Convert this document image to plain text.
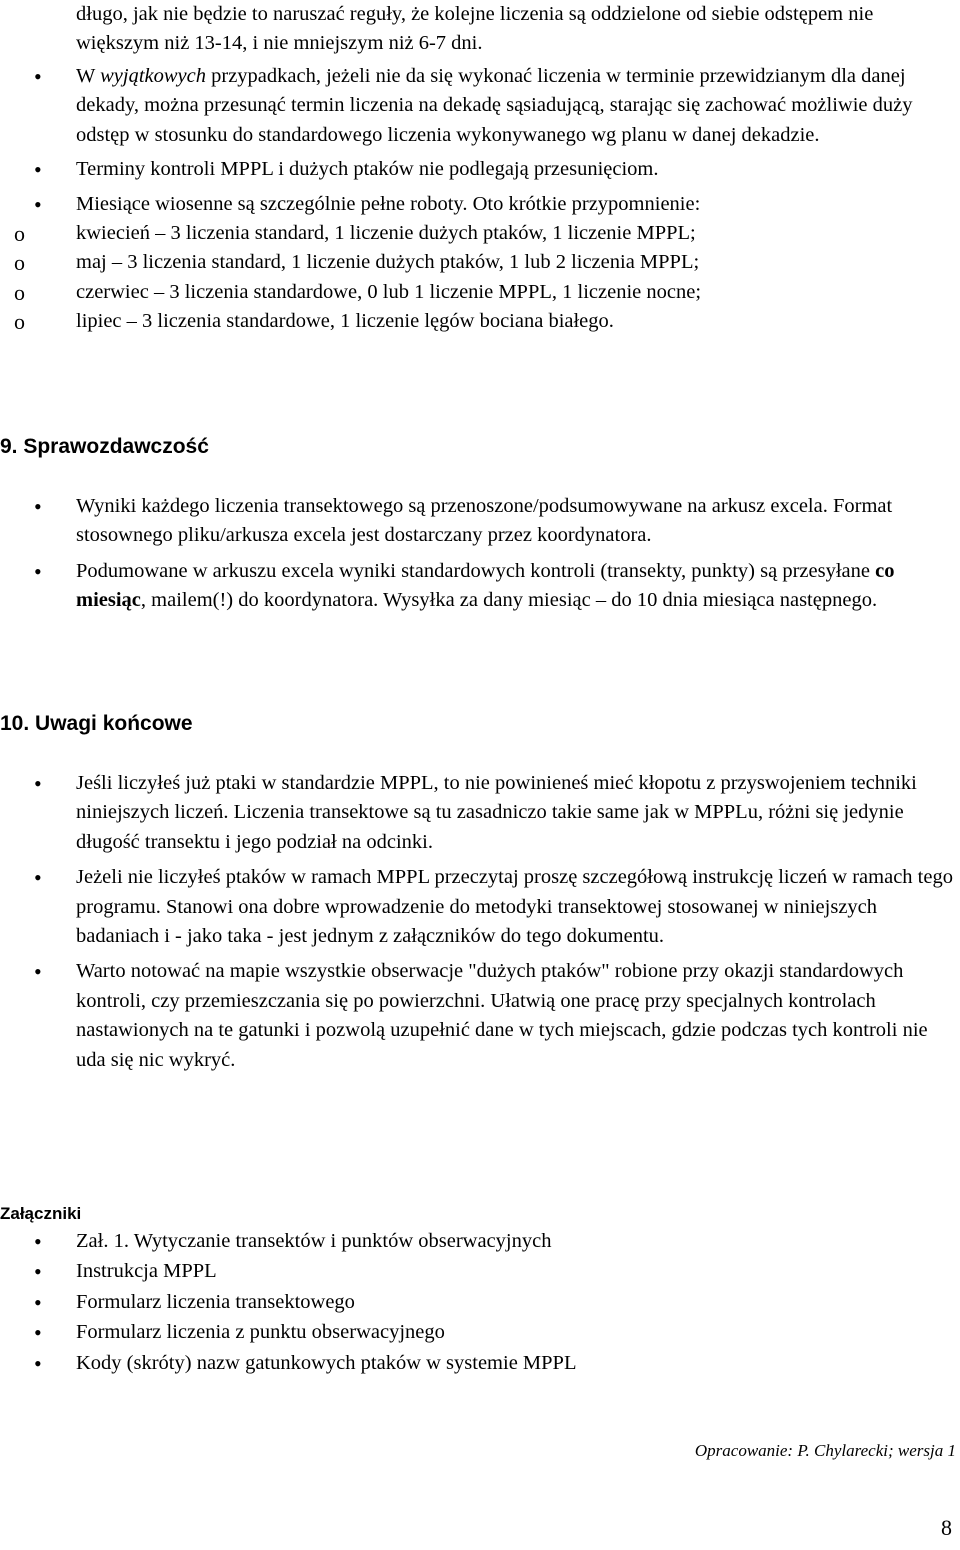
długo, jak nie będzie to naruszać reguły, że kolejne liczenia są oddzielone od siebie odstępem nie większym niż 13-14, i nie mniejszym niż 6-7 dni.
• W wyjątkowych przypadkach, jeżeli nie da się wykonać liczenia w terminie przewidzianym dla danej dekady, można przesunąć termin liczenia na dekadę sąsiadującą, starając się zachować możliwie duży odstęp w stosunku do standardowego liczenia wykonywanego wg planu w danej dekadzie.
• Terminy kontroli MPPL i dużych ptaków nie podlegają przesunięciom.
• Miesiące wiosenne są szczególnie pełne roboty. Oto krótkie przypomnienie:
o kwiecień – 3 liczenia standard, 1 liczenie dużych ptaków, 1 liczenie MPPL;
o maj – 3 liczenia standard, 1 liczenie dużych ptaków, 1 lub 2 liczenia MPPL;
o czerwiec – 3 liczenia standardowe, 0 lub 1 liczenie MPPL, 1 liczenie nocne;
o lipiec – 3 liczenia standardowe, 1 liczenie lęgów bociana białego.
9. Sprawozdawczość
• Wyniki każdego liczenia transektowego są przenoszone/podsumowywane na arkusz excela. Format stosownego pliku/arkusza excela jest dostarczany przez koordynatora.
• Podumowane w arkuszu excela wyniki standardowych kontroli (transekty, punkty) są przesyłane co miesiąc, mailem(!) do koordynatora. Wysyłka za dany miesiąc – do 10 dnia miesiąca następnego.
10. Uwagi końcowe
• Jeśli liczyłeś już ptaki w standardzie MPPL, to nie powinieneś mieć kłopotu z przyswojeniem techniki niniejszych liczeń. Liczenia transektowe są tu zasadniczo takie same jak w MPPLu, różni się jedynie długość transektu i jego podział na odcinki.
• Jeżeli nie liczyłeś ptaków w ramach MPPL przeczytaj proszę szczegółową instrukcję liczeń w ramach tego programu. Stanowi ona dobre wprowadzenie do metodyki transektowej stosowanej w niniejszych badaniach i - jako taka - jest jednym z załączników do tego dokumentu.
• Warto notować na mapie wszystkie obserwacje "dużych ptaków" robione przy okazji standardowych kontroli, czy przemieszczania się po powierzchni. Ułatwią one pracę przy specjalnych kontrolach nastawionych na te gatunki i pozwolą uzupełnić dane w tych miejscach, gdzie podczas tych kontroli nie uda się nic wykryć.
Załączniki
• Zał. 1. Wytyczanie transektów i punktów obserwacyjnych
• Instrukcja MPPL
• Formularz liczenia transektowego
• Formularz liczenia z punktu obserwacyjnego
• Kody (skróty) nazw gatunkowych ptaków w systemie MPPL
Opracowanie: P. Chylarecki; wersja 1
8
